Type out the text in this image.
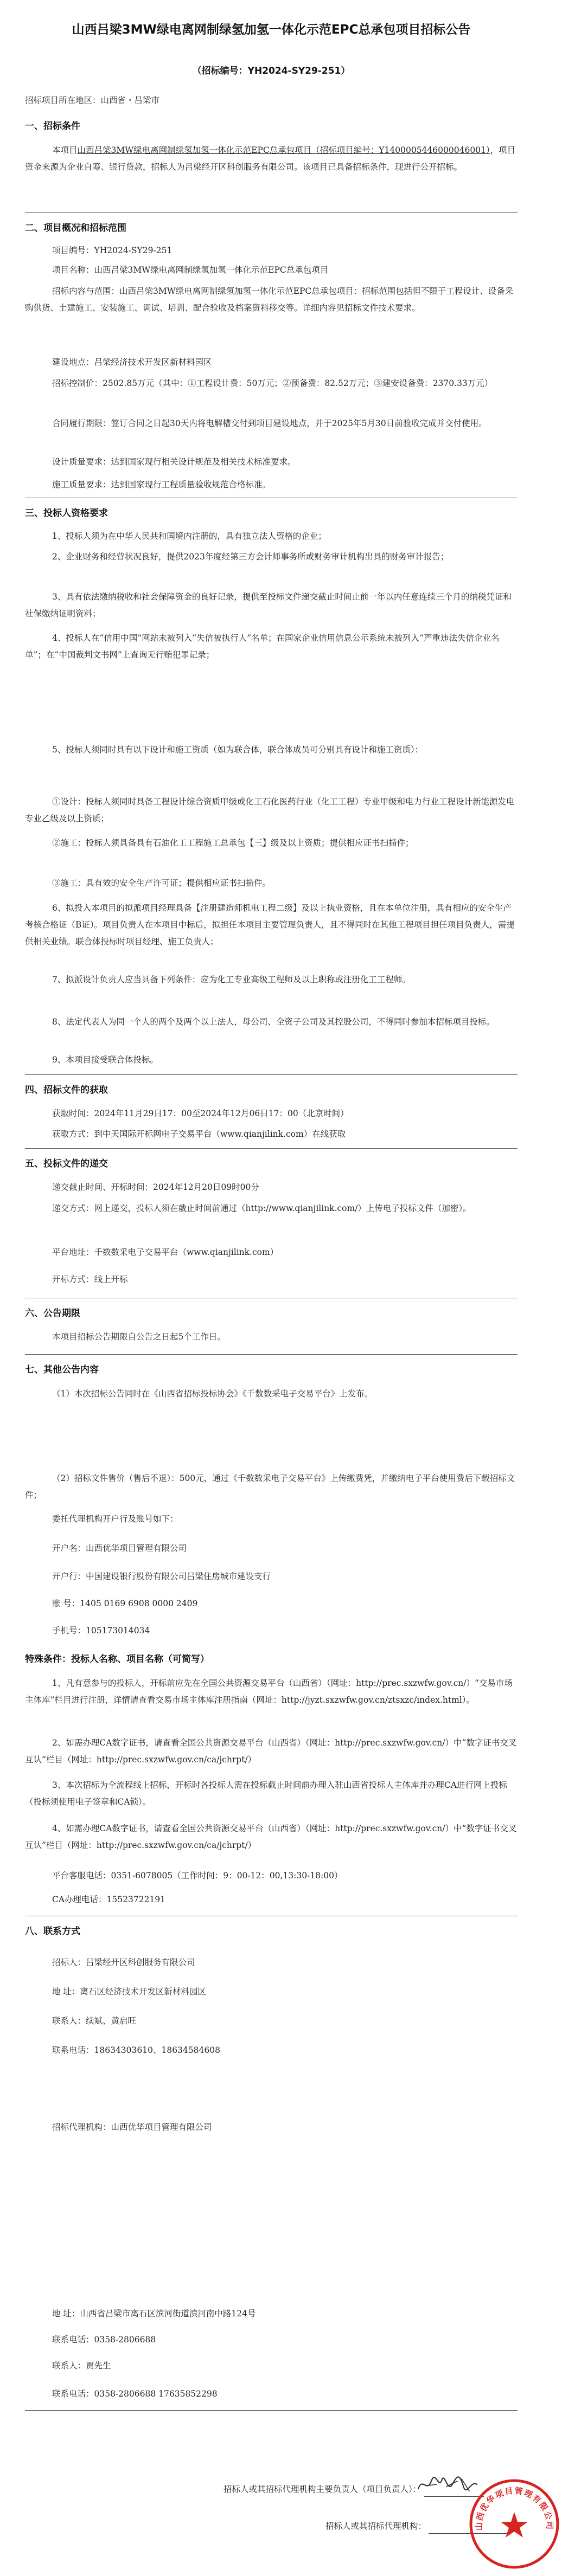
山西吕梁3MW绿电离网制绿氢加氢一体化示范EPC总承包项目招标公告
（招标编号：YH2024-SY29-251）
招标项目所在地区：山西省・吕梁市
一、招标条件
本项目山西吕梁3MW绿电离网制绿氢加氢一体化示范EPC总承包项目（招标项目编号：Y1400005446000046001），项目资金来源为企业自筹、银行贷款，招标人为吕梁经开区科创服务有限公司。该项目已具备招标条件，现进行公开招标。
二、项目概况和招标范围
项目编号：YH2024-SY29-251
项目名称：山西吕梁3MW绿电离网制绿氢加氢一体化示范EPC总承包项目
招标内容与范围：山西吕梁3MW绿电离网制绿氢加氢一体化示范EPC总承包项目：招标范围包括但不限于工程设计、设备采购供货、土建施工、安装施工、调试、培训、配合验收及档案资料移交等。详细内容见招标文件技术要求。
建设地点：吕梁经济技术开发区新材料园区
招标控制价：2502.85万元（其中：①工程设计费：50万元；②预备费：82.52万元；③建安设备费：2370.33万元）
合同履行期限：签订合同之日起30天内将电解槽交付到项目建设地点，并于2025年5月30日前验收完成并交付使用。
设计质量要求：达到国家现行相关设计规范及相关技术标准要求。
施工质量要求：达到国家现行工程质量验收规范合格标准。
三、投标人资格要求
1、投标人须为在中华人民共和国境内注册的，具有独立法人资格的企业；
2、企业财务和经营状况良好，提供2023年度经第三方会计师事务所或财务审计机构出具的财务审计报告；
3、具有依法缴纳税收和社会保障资金的良好记录，提供至投标文件递交截止时间止前一年以内任意连续三个月的纳税凭证和社保缴纳证明资料；
4、投标人在“信用中国”网站未被列入“失信被执行人”名单；在国家企业信用信息公示系统未被列入“严重违法失信企业名单”；在“中国裁判文书网”上查询无行贿犯罪记录；
5、投标人须同时具有以下设计和施工资质（如为联合体，联合体成员可分别具有设计和施工资质）：
①设计：投标人须同时具备工程设计综合资质甲级或化工石化医药行业（化工工程）专业甲级和电力行业工程设计新能源发电专业乙级及以上资质；
②施工：投标人须具备具有石油化工工程施工总承包【三】级及以上资质；提供相应证书扫描件；
③施工：具有效的安全生产许可证；提供相应证书扫描件。
6、拟投入本项目的拟派项目经理具备【注册建造师机电工程二级】及以上执业资格，且在本单位注册，具有相应的安全生产考核合格证（B证）。项目负责人在本项目中标后，拟担任本项目主要管理负责人，且不得同时在其他工程项目担任项目负责人，需提供相关业绩。联合体投标时项目经理、施工负责人；
7、拟派设计负责人应当具备下列条件：应为化工专业高级工程师及以上职称或注册化工工程师。
8、法定代表人为同一个人的两个及两个以上法人，母公司、全资子公司及其控股公司，不得同时参加本招标项目投标。
9、本项目接受联合体投标。
四、招标文件的获取
获取时间：2024年11月29日17：00至2024年12月06日17：00（北京时间）
获取方式：到中天国际开标网电子交易平台（www.qianjilink.com）在线获取
五、投标文件的递交
递交截止时间、开标时间：2024年12月20日09时00分
递交方式：网上递交，投标人须在截止时间前通过（http://www.qianjilink.com/）上传电子投标文件（加密）。
平台地址：千数数采电子交易平台（www.qianjilink.com）
开标方式：线上开标
六、公告期限
本项目招标公告期限自公告之日起5个工作日。
七、其他公告内容
（1）本次招标公告同时在《山西省招标投标协会》《千数数采电子交易平台》上发布。
（2）招标文件售价（售后不退）：500元，通过《千数数采电子交易平台》上传缴费凭，并缴纳电子平台使用费后下载招标文件；
委托代理机构开户行及账号如下：
开户名：山西优华项目管理有限公司
开户行：中国建设银行股份有限公司吕梁住房城市建设支行
账 号：1405 0169 6908 0000 2409
手机号：105173014034
特殊条件：投标人名称、项目名称（可简写）
1、凡有意参与的投标人，开标前应先在全国公共资源交易平台（山西省）（网址：http://prec.sxzwfw.gov.cn/）“交易市场主体库”栏目进行注册，详情请查看交易市场主体库注册指南（网址：http://jyzt.sxzwfw.gov.cn/ztsxzc/index.html）。
2、如需办理CA数字证书，请查看全国公共资源交易平台（山西省）（网址：http://prec.sxzwfw.gov.cn/）中“数字证书交叉互认”栏目（网址：http://prec.sxzwfw.gov.cn/ca/jchrpt/）
3、本次招标为全流程线上招标，开标时各投标人需在投标截止时间前办理入驻山西省投标人主体库并办理CA进行网上投标（投标须使用电子签章和CA锁）。
4、如需办理CA数字证书，请查看全国公共资源交易平台（山西省）（网址：http://prec.sxzwfw.gov.cn/）中“数字证书交叉互认”栏目（网址：http://prec.sxzwfw.gov.cn/ca/jchrpt/）
平台客服电话：0351-6078005（工作时间：9：00-12：00,13:30-18:00）
CA办理电话：15523722191
八、联系方式
招标人：吕梁经开区科创服务有限公司
地 址：离石区经济技术开发区新材料园区
联系人：续斌、黄启旺
联系电话：18634303610、18634584608
招标代理机构：山西优华项目管理有限公司
地 址：山西省吕梁市离石区滨河街道滨河南中路124号
联系电话：0358-2806688
联系人：贾先生
联系电话：0358-2806688 17635852298
招标人或其招标代理机构主要负责人（项目负责人）：
招标人或其招标代理机构：	山西优华项目管理有限公司
